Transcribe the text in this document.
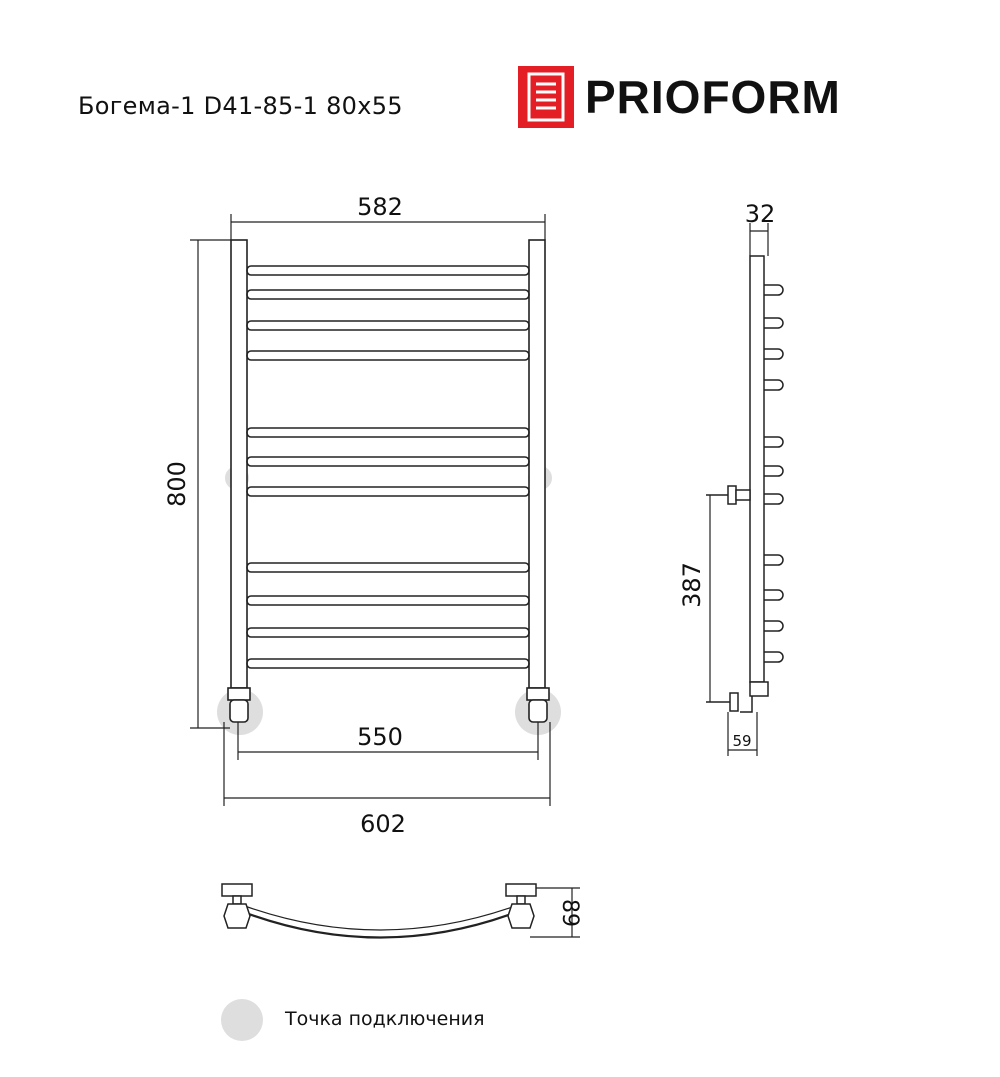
Богема-1 D41-85-1 80x55
582
800
550
602
32
387
59
89
PRIOFORM
Точка подключения
